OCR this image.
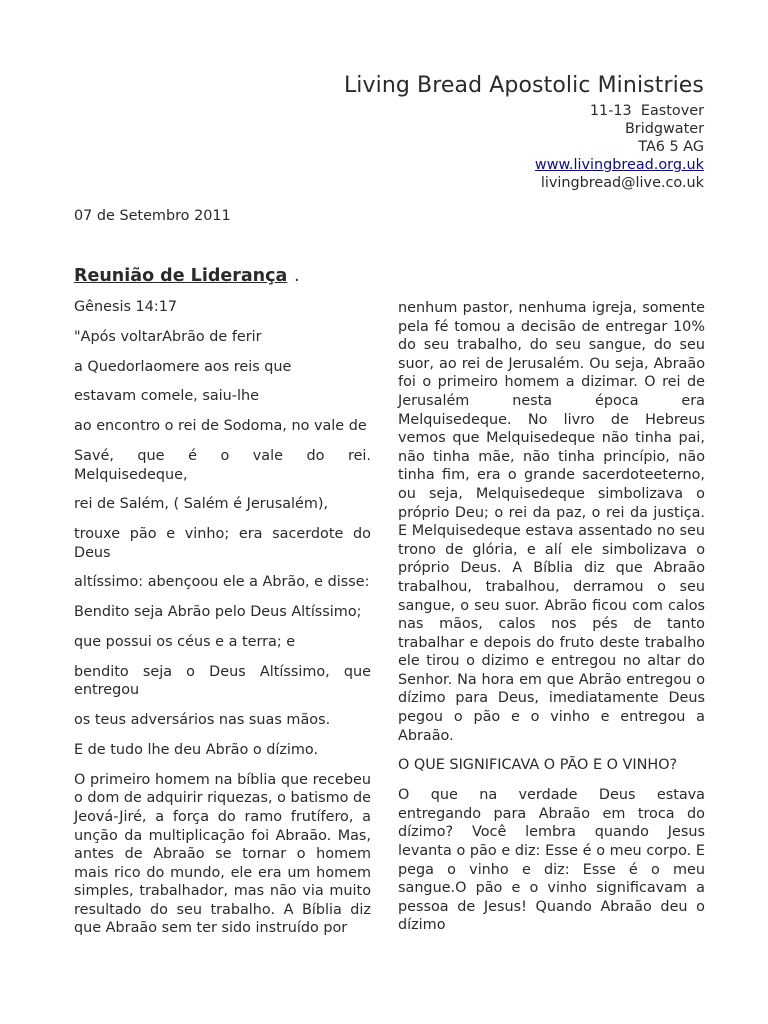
Living Bread Apostolic Ministries
11-13  Eastover
Bridgwater
TA6 5 AG
www.livingbread.org.uk
livingbread@live.co.uk
07 de Setembro 2011
Reunião de Liderança .

Gênesis 14:17

"Após voltarAbrão de ferir

a Quedorlaomere aos reis que

estavam comele, saiu-lhe

ao encontro o rei de Sodoma, no vale de

Savé, que é o vale do rei. Melquisedeque,

rei de Salém, ( Salém é Jerusalém),

trouxe pão e vinho; era sacerdote do Deus

altíssimo: abençoou ele a Abrão, e disse:

Bendito seja Abrão pelo Deus Altíssimo;

que possui os céus e a terra; e

bendito seja o Deus Altíssimo, que entregou

os teus adversários nas suas mãos.

E de tudo lhe deu Abrão o dízimo.

O primeiro homem na bíblia que recebeu o dom de adquirir riquezas, o batismo de Jeová-Jiré, a força do ramo frutífero, a unção da multiplicação foi Abraão. Mas, antes de Abraão se tornar o homem mais rico do mundo, ele era um homem simples, trabalhador, mas não via muito resultado do seu trabalho. A Bíblia diz que Abraão sem ter sido instruído por

nenhum pastor, nenhuma igreja, somente pela fé tomou a decisão de entregar 10% do seu trabalho, do seu sangue, do seu suor, ao rei de Jerusalém. Ou seja, Abraão foi o primeiro homem a dizimar. O rei de Jerusalém nesta época era Melquisedeque. No livro de Hebreus vemos que Melquisedeque não tinha pai, não tinha mãe, não tinha princípio, não tinha fim, era o grande sacerdoteeterno, ou seja, Melquisedeque simbolizava o próprio Deu; o rei da paz, o rei da justiça. E Melquisedeque estava assentado no seu trono de glória, e alí ele simbolizava o próprio Deus. A Bíblia diz que Abraão trabalhou, trabalhou, derramou o seu sangue, o seu suor. Abrão ficou com calos nas mãos, calos nos pés de tanto trabalhar e depois do fruto deste trabalho ele tirou o dizimo e entregou no altar do Senhor. Na hora em que Abrão entregou o dízimo para Deus, imediatamente Deus pegou o pão e o vinho e entregou a Abraão.

O QUE SIGNIFICAVA O PÃO E O VINHO?

O que na verdade Deus estava entregando para Abraão em troca do dízimo? Você lembra quando Jesus levanta o pão e diz: Esse é o meu corpo. E pega o vinho e diz: Esse é o meu sangue.O pão e o vinho significavam a pessoa de Jesus! Quando Abraão deu o dízimo
